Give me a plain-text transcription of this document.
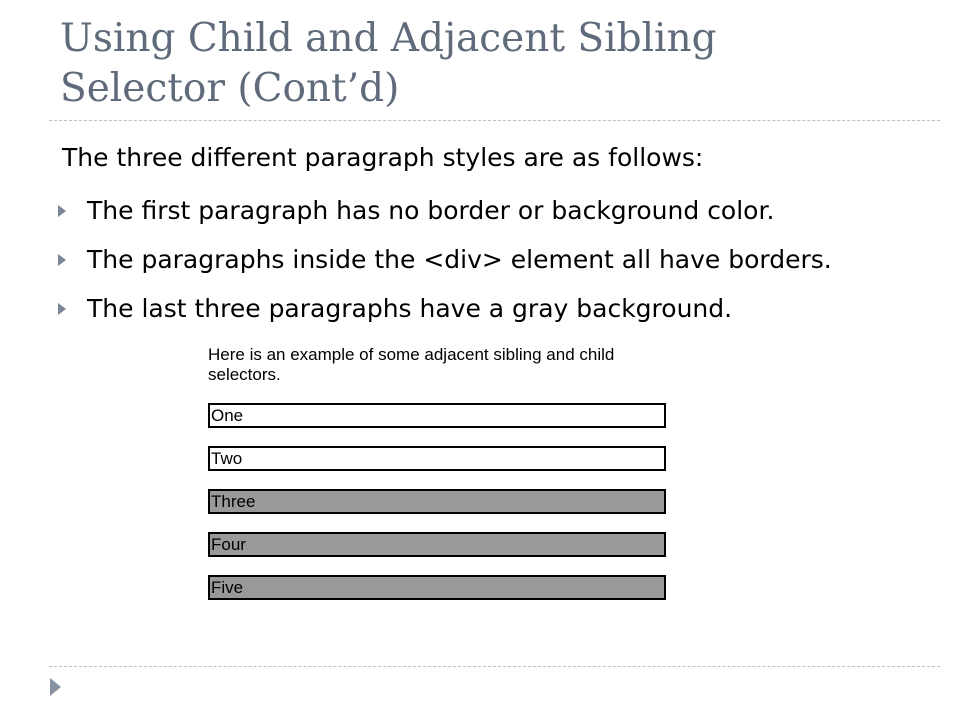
Using Child and Adjacent Sibling
Selector (Cont’d)

The three different paragraph styles are as follows:

The first paragraph has no border or background color.
The paragraphs inside the <div> element all have borders.
The last three paragraphs have a gray background.

Here is an example of some adjacent sibling and child selectors.

One
Two
Three
Four
Five
